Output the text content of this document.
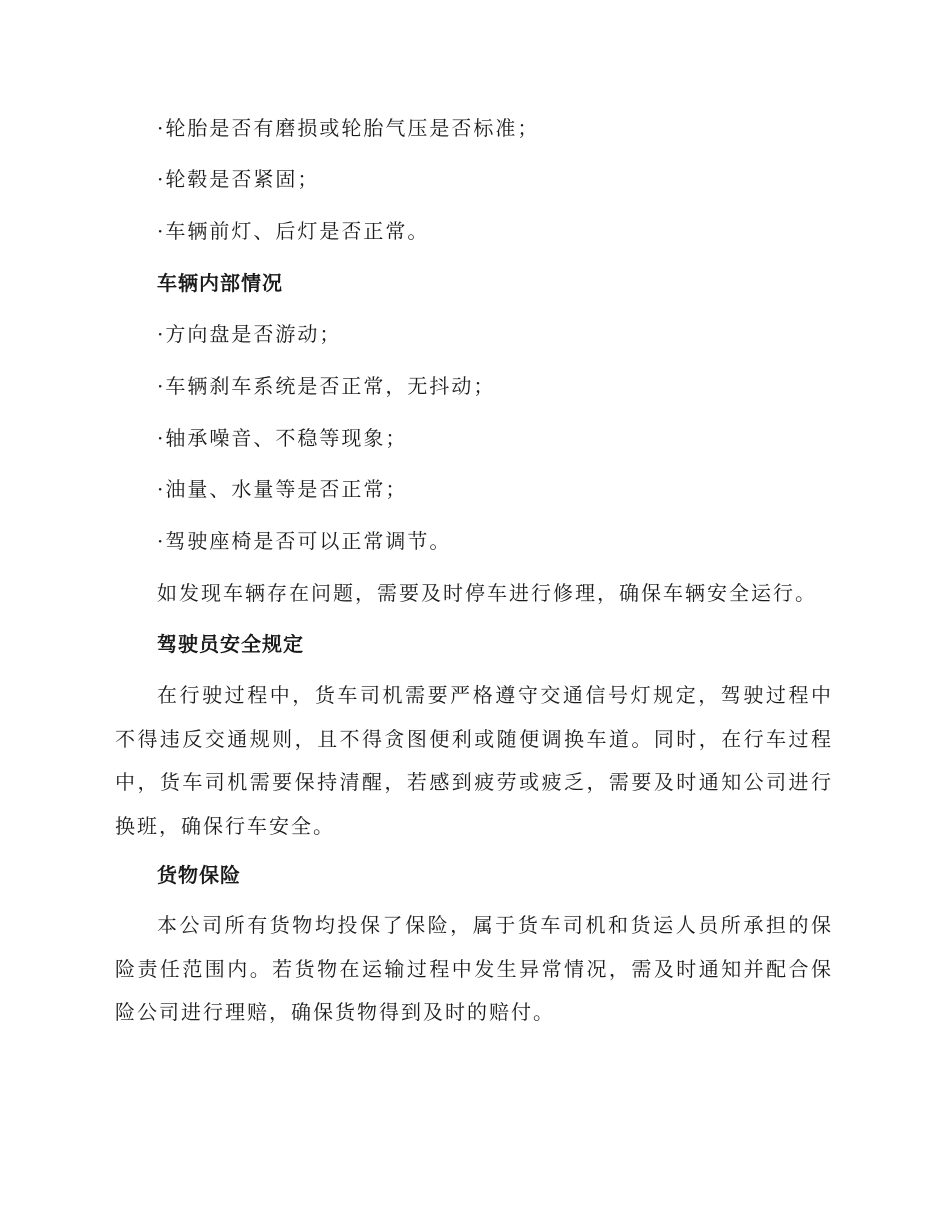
·轮胎是否有磨损或轮胎气压是否标准；
·轮毂是否紧固；
·车辆前灯、后灯是否正常。
车辆内部情况
·方向盘是否游动；
·车辆刹车系统是否正常，无抖动；
·轴承噪音、不稳等现象；
·油量、水量等是否正常；
·驾驶座椅是否可以正常调节。
如发现车辆存在问题，需要及时停车进行修理，确保车辆安全运行。
驾驶员安全规定
在行驶过程中，货车司机需要严格遵守交通信号灯规定，驾驶过程中不得违反交通规则，且不得贪图便利或随便调换车道。同时，在行车过程中，货车司机需要保持清醒，若感到疲劳或疲乏，需要及时通知公司进行换班，确保行车安全。
货物保险
本公司所有货物均投保了保险，属于货车司机和货运人员所承担的保险责任范围内。若货物在运输过程中发生异常情况，需及时通知并配合保险公司进行理赔，确保货物得到及时的赔付。
